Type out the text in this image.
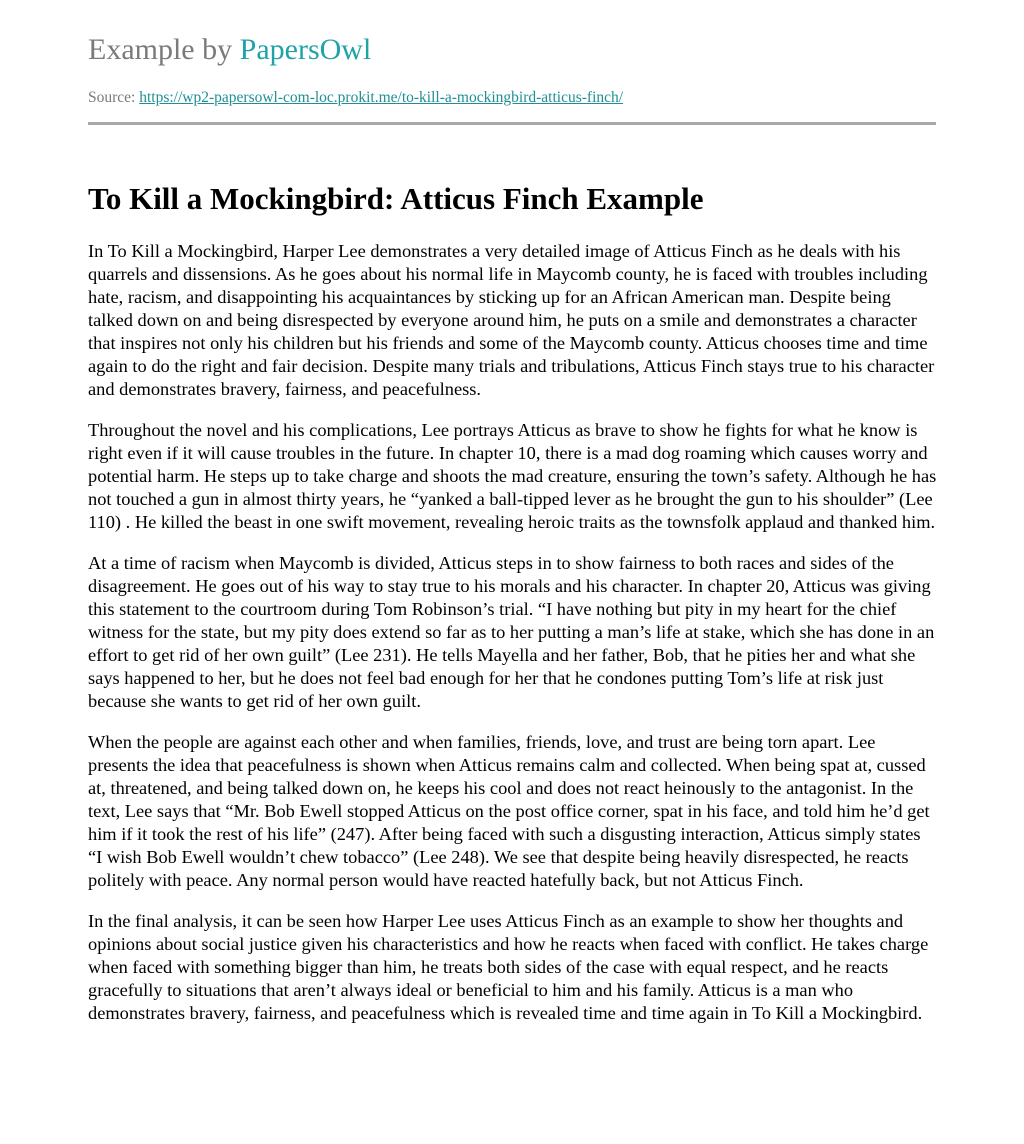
Example by PapersOwl
Source: https://wp2-papersowl-com-loc.prokit.me/to-kill-a-mockingbird-atticus-finch/
To Kill a Mockingbird: Atticus Finch Example

In To Kill a Mockingbird, Harper Lee demonstrates a very detailed image of Atticus Finch as he deals with his quarrels and dissensions. As he goes about his normal life in Maycomb county, he is faced with troubles including hate, racism, and disappointing his acquaintances by sticking up for an African American man. Despite being talked down on and being disrespected by everyone around him, he puts on a smile and demonstrates a character that inspires not only his children but his friends and some of the Maycomb county. Atticus chooses time and time again to do the right and fair decision. Despite many trials and tribulations, Atticus Finch stays true to his character and demonstrates bravery, fairness, and peacefulness.

Throughout the novel and his complications, Lee portrays Atticus as brave to show he fights for what he know is right even if it will cause troubles in the future. In chapter 10, there is a mad dog roaming which causes worry and potential harm. He steps up to take charge and shoots the mad creature, ensuring the town’s safety. Although he has not touched a gun in almost thirty years, he “yanked a ball-tipped lever as he brought the gun to his shoulder” (Lee 110) . He killed the beast in one swift movement, revealing heroic traits as the townsfolk applaud and thanked him.

At a time of racism when Maycomb is divided, Atticus steps in to show fairness to both races and sides of the disagreement. He goes out of his way to stay true to his morals and his character. In chapter 20, Atticus was giving this statement to the courtroom during Tom Robinson’s trial. “I have nothing but pity in my heart for the chief witness for the state, but my pity does extend so far as to her putting a man’s life at stake, which she has done in an effort to get rid of her own guilt” (Lee 231). He tells Mayella and her father, Bob, that he pities her and what she says happened to her, but he does not feel bad enough for her that he condones putting Tom’s life at risk just because she wants to get rid of her own guilt.

When the people are against each other and when families, friends, love, and trust are being torn apart. Lee presents the idea that peacefulness is shown when Atticus remains calm and collected. When being spat at, cussed at, threatened, and being talked down on, he keeps his cool and does not react heinously to the antagonist. In the text, Lee says that “Mr. Bob Ewell stopped Atticus on the post office corner, spat in his face, and told him he’d get him if it took the rest of his life” (247). After being faced with such a disgusting interaction, Atticus simply states “I wish Bob Ewell wouldn’t chew tobacco” (Lee 248). We see that despite being heavily disrespected, he reacts politely with peace. Any normal person would have reacted hatefully back, but not Atticus Finch.

In the final analysis, it can be seen how Harper Lee uses Atticus Finch as an example to show her thoughts and opinions about social justice given his characteristics and how he reacts when faced with conflict. He takes charge when faced with something bigger than him, he treats both sides of the case with equal respect, and he reacts gracefully to situations that aren’t always ideal or beneficial to him and his family. Atticus is a man who demonstrates bravery, fairness, and peacefulness which is revealed time and time again in To Kill a Mockingbird.
